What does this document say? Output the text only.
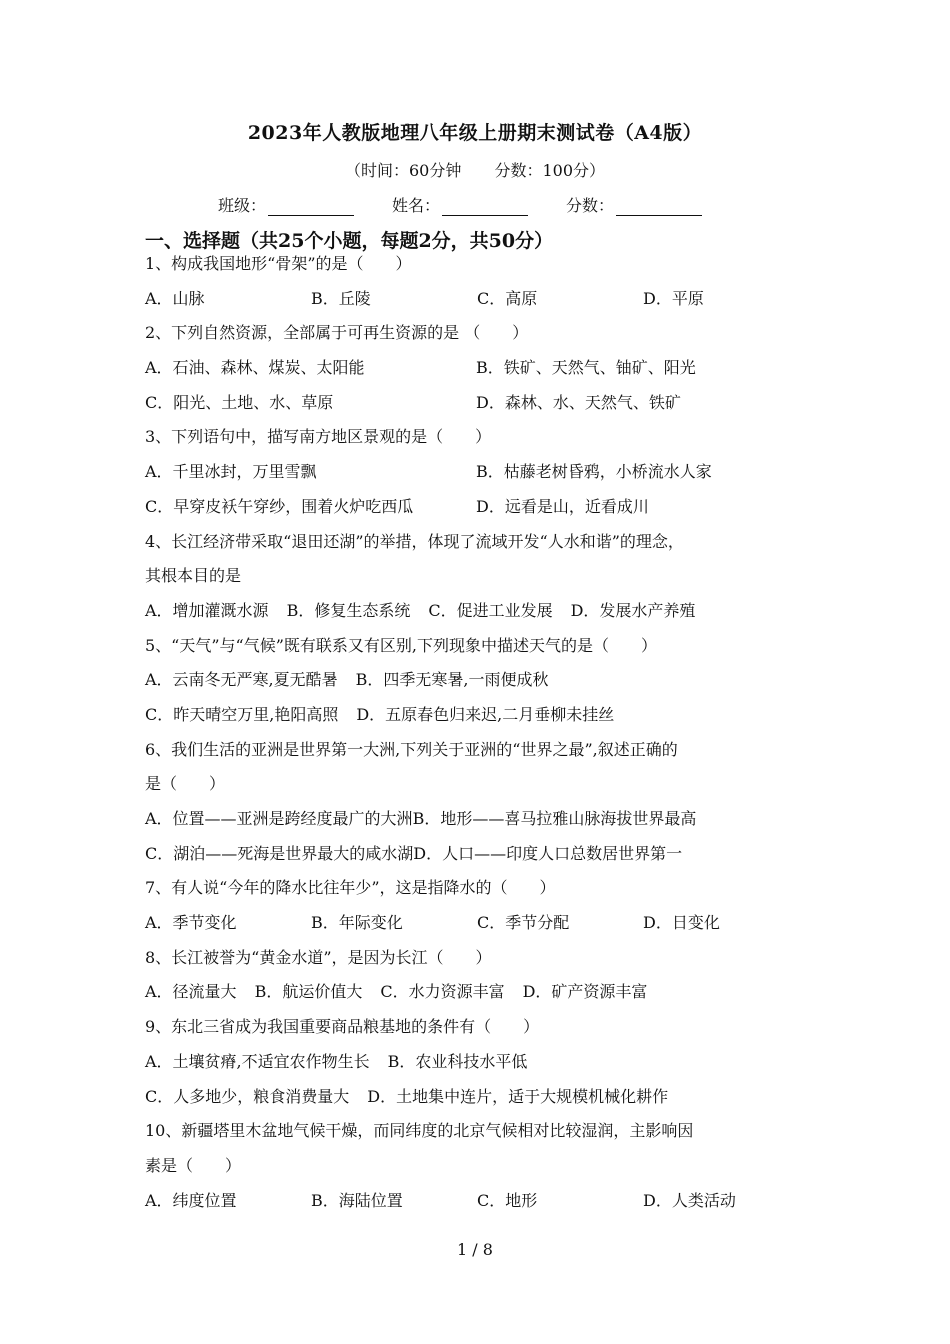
2023年人教版地理八年级上册期末测试卷（A4版）
（时间：60分钟 分数：100分）
班级：	姓名：	分数：
一、选择题（共25个小题，每题2分，共50分）
1、构成我国地形“骨架”的是（　　）
A．山脉	B．丘陵	C．高原	D．平原
2、下列自然资源，全部属于可再生资源的是 （　　）
A．石油、森林、煤炭、太阳能	B．铁矿、天然气、铀矿、阳光
C．阳光、土地、水、草原	D．森林、水、天然气、铁矿
3、下列语句中，描写南方地区景观的是（　　）
A．千里冰封，万里雪飘	B．枯藤老树昏鸦，小桥流水人家
C．早穿皮袄午穿纱，围着火炉吃西瓜	D．远看是山，近看成川
4、长江经济带采取“退田还湖”的举措，体现了流域开发“人水和谐”的理念，
其根本目的是
A．增加灌溉水源 B．修复生态系统 C．促进工业发展 D．发展水产养殖
5、“天气”与“气候”既有联系又有区别,下列现象中描述天气的是（　　）
A．云南冬无严寒,夏无酷暑 B．四季无寒暑,一雨便成秋
C．昨天晴空万里,艳阳高照 D．五原春色归来迟,二月垂柳未挂丝
6、我们生活的亚洲是世界第一大洲,下列关于亚洲的“世界之最”,叙述正确的
是（　　）
A．位置——亚洲是跨经度最广的大洲 B．地形——喜马拉雅山脉海拔世界最高
C．湖泊——死海是世界最大的咸水湖 D．人口——印度人口总数居世界第一
7、有人说“今年的降水比往年少”，这是指降水的（　　）
A．季节变化	B．年际变化	C．季节分配	D．日变化
8、长江被誉为“黄金水道”，是因为长江（　　）
A．径流量大 B．航运价值大 C．水力资源丰富 D．矿产资源丰富
9、东北三省成为我国重要商品粮基地的条件有（　　）
A．土壤贫瘠,不适宜农作物生长 B．农业科技水平低
C．人多地少，粮食消费量大 D．土地集中连片，适于大规模机械化耕作
10、新疆塔里木盆地气候干燥，而同纬度的北京气候相对比较湿润，主影响因
素是（　　）
A．纬度位置	B．海陆位置	C．地形	D．人类活动
1 / 8
